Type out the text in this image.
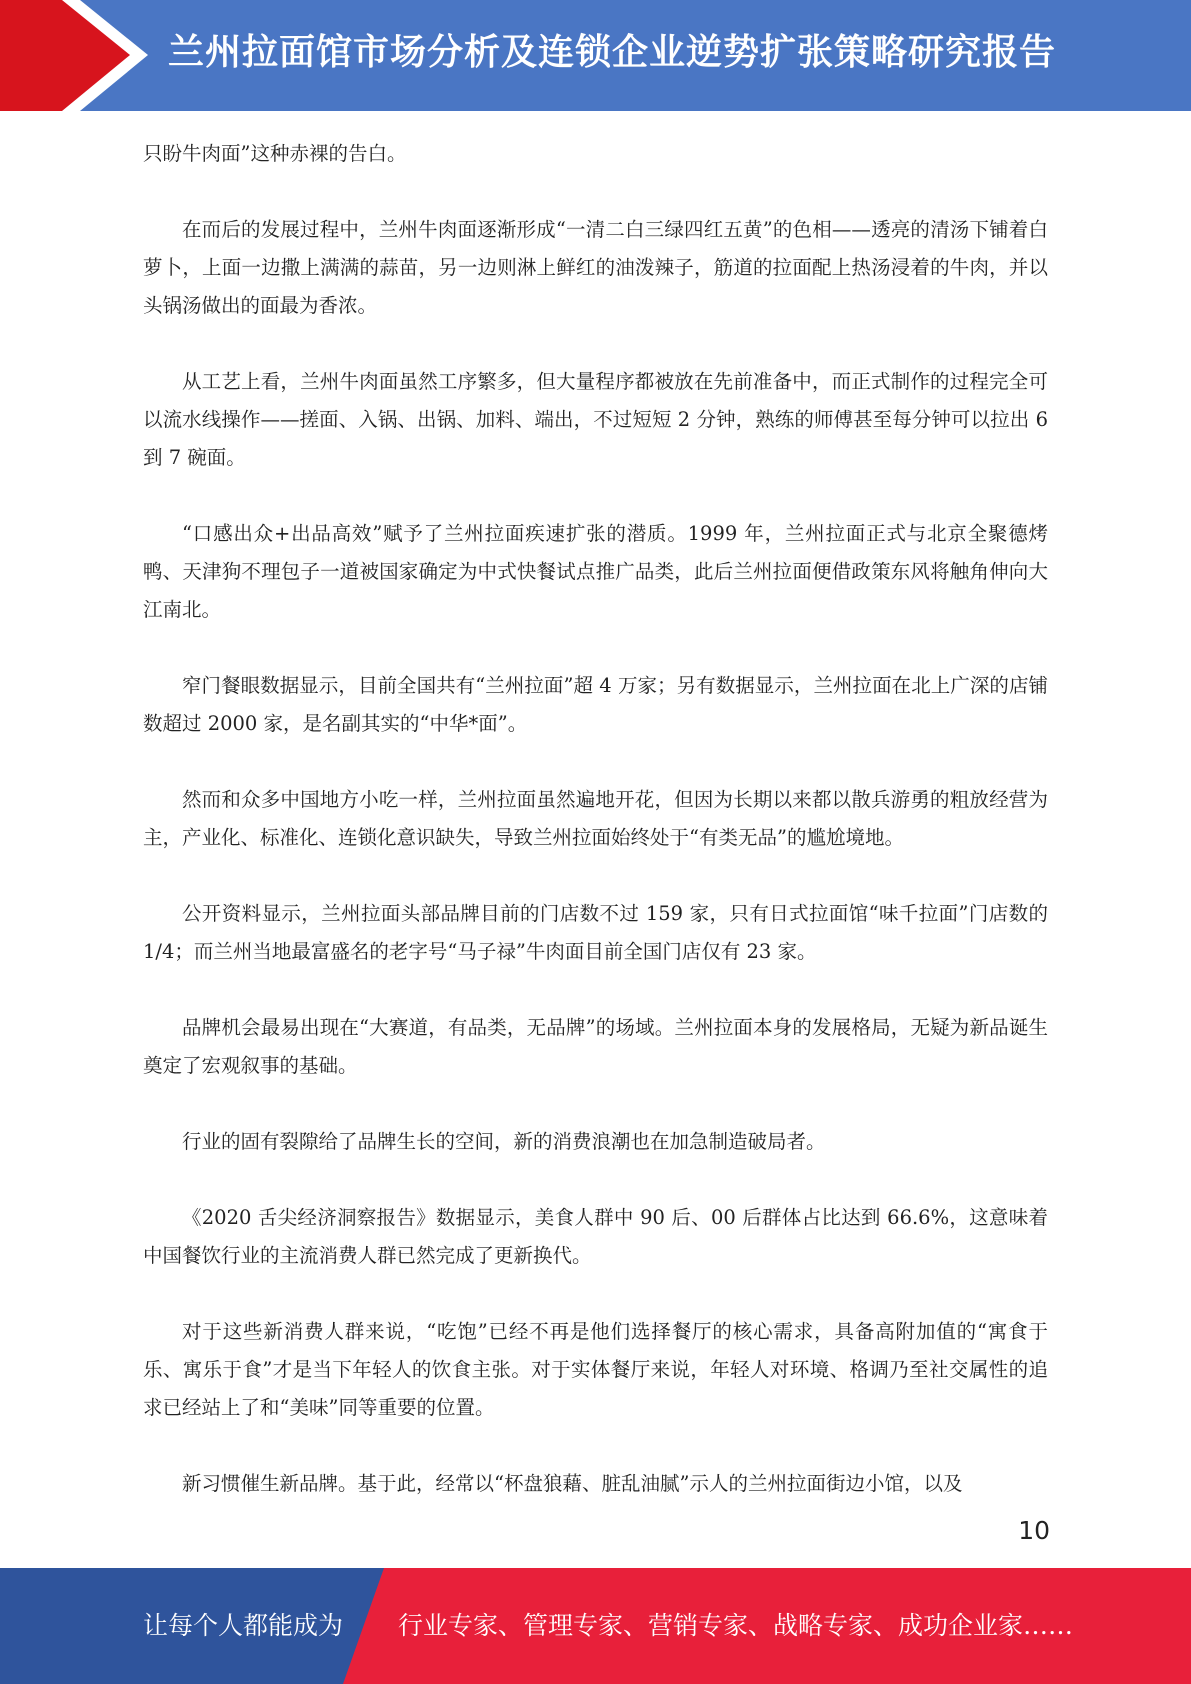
兰州拉面馆市场分析及连锁企业逆势扩张策略研究报告

只盼牛肉面”这种赤裸的告白。

在而后的发展过程中，兰州牛肉面逐渐形成“一清二白三绿四红五黄”的色相——透亮的清汤下铺着白萝卜，上面一边撒上满满的蒜苗，另一边则淋上鲜红的油泼辣子，筋道的拉面配上热汤浸着的牛肉，并以头锅汤做出的面最为香浓。

从工艺上看，兰州牛肉面虽然工序繁多，但大量程序都被放在先前准备中，而正式制作的过程完全可以流水线操作——搓面、入锅、出锅、加料、端出，不过短短 2 分钟，熟练的师傅甚至每分钟可以拉出 6 到 7 碗面。

“口感出众+出品高效”赋予了兰州拉面疾速扩张的潜质。1999 年，兰州拉面正式与北京全聚德烤鸭、天津狗不理包子一道被国家确定为中式快餐试点推广品类，此后兰州拉面便借政策东风将触角伸向大江南北。

窄门餐眼数据显示，目前全国共有“兰州拉面”超 4 万家；另有数据显示，兰州拉面在北上广深的店铺数超过 2000 家，是名副其实的“中华*面”。

然而和众多中国地方小吃一样，兰州拉面虽然遍地开花，但因为长期以来都以散兵游勇的粗放经营为主，产业化、标准化、连锁化意识缺失，导致兰州拉面始终处于“有类无品”的尴尬境地。

公开资料显示，兰州拉面头部品牌目前的门店数不过 159 家，只有日式拉面馆“味千拉面”门店数的 1/4；而兰州当地最富盛名的老字号“马子禄”牛肉面目前全国门店仅有 23 家。

品牌机会最易出现在“大赛道，有品类，无品牌”的场域。兰州拉面本身的发展格局，无疑为新品诞生奠定了宏观叙事的基础。

行业的固有裂隙给了品牌生长的空间，新的消费浪潮也在加急制造破局者。

《2020 舌尖经济洞察报告》数据显示，美食人群中 90 后、00 后群体占比达到 66.6%，这意味着中国餐饮行业的主流消费人群已然完成了更新换代。

对于这些新消费人群来说，“吃饱”已经不再是他们选择餐厅的核心需求，具备高附加值的“寓食于乐、寓乐于食”才是当下年轻人的饮食主张。对于实体餐厅来说，年轻人对环境、格调乃至社交属性的追求已经站上了和“美味”同等重要的位置。

新习惯催生新品牌。基于此，经常以“杯盘狼藉、脏乱油腻”示人的兰州拉面街边小馆，以及

10
让每个人都能成为 行业专家、管理专家、营销专家、战略专家、成功企业家……
